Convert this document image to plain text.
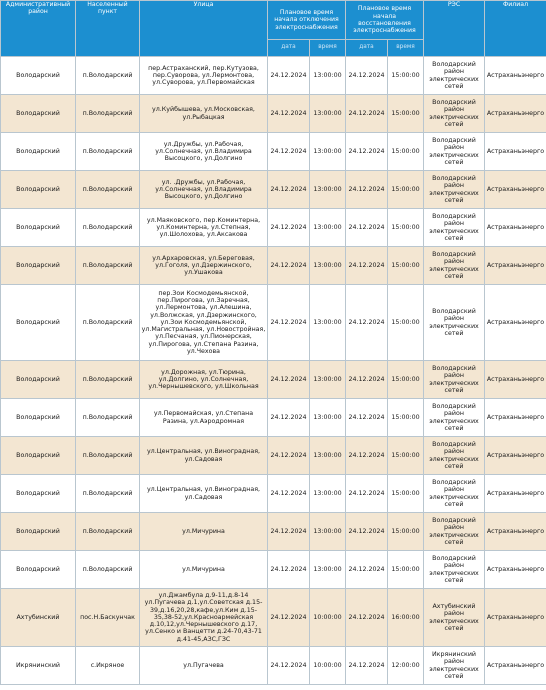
Административный район	Населенный пункт	Улица	Плановое время начала отключения электроснабжения		Плановое время начала восстановления электроснабжения		РЭС	Филиал
			дата	время	дата	время		
Володарский	п.Володарский	пер.Астраханский, пер.Кутузова, пер.Суворова, ул.Лермонтова, ул.Суворова, ул.Первомайская	24.12.2024	13:00:00	24.12.2024	15:00:00	Володарский район электрических сетей	Астраханьэнерго
Володарский	п.Володарский	ул.Куйбышева, ул.Московская, ул.Рыбацкая	24.12.2024	13:00:00	24.12.2024	15:00:00	Володарский район электрических сетей	Астраханьэнерго
Володарский	п.Володарский	ул.Дружбы, ул.Рабочая, ул.Солнечная, ул.Владимира Высоцкого, ул.Долгино	24.12.2024	13:00:00	24.12.2024	15:00:00	Володарский район электрических сетей	Астраханьэнерго
Володарский	п.Володарский	ул. .Дружбы, ул.Рабочая, ул.Солнечная, ул.Владимира Высоцкого, ул.Долгино	24.12.2024	13:00:00	24.12.2024	15:00:00	Володарский район электрических сетей	Астраханьэнерго
Володарский	п.Володарский	ул.Маяковского, пер.Коминтерна, ул.Коминтерна, ул.Степная, ул.Шолохова, ул.Аксакова	24.12.2024	13:00:00	24.12.2024	15:00:00	Володарский район электрических сетей	Астраханьэнерго
Володарский	п.Володарский	ул.Архаровская, ул.Береговая, ул.Гоголя, ул.Дзержинского, ул.Ушакова	24.12.2024	13:00:00	24.12.2024	15:00:00	Володарский район электрических сетей	Астраханьэнерго
Володарский	п.Володарский	пер.Зои Космодемьянской, пер.Пирогова, ул.Заречная, ул.Лермонтова, ул.Алешина, ул.Волжская, ул.Дзержинского, ул.Зои Космодемьянской, ул.Магистральная, ул.Новостройная, ул.Песчаная, ул.Пионерская, ул.Пирогова, ул.Степана Разина, ул.Чехова	24.12.2024	13:00:00	24.12.2024	15:00:00	Володарский район электрических сетей	Астраханьэнерго
Володарский	п.Володарский	ул.Дорожная, ул.Тюрина, ул.Долгино, ул.Солнечная, ул.Чернышевского, ул.Школьная	24.12.2024	13:00:00	24.12.2024	15:00:00	Володарский район электрических сетей	Астраханьэнерго
Володарский	п.Володарский	ул.Первомайская, ул.Степана Разина, ул.Аэродромная	24.12.2024	13:00:00	24.12.2024	15:00:00	Володарский район электрических сетей	Астраханьэнерго
Володарский	п.Володарский	ул.Центральная, ул.Виноградная, ул.Садовая	24.12.2024	13:00:00	24.12.2024	15:00:00	Володарский район электрических сетей	Астраханьэнерго
Володарский	п.Володарский	ул.Центральная, ул.Виноградная, ул.Садовая	24.12.2024	13:00:00	24.12.2024	15:00:00	Володарский район электрических сетей	Астраханьэнерго
Володарский	п.Володарский	ул.Мичурина	24.12.2024	13:00:00	24.12.2024	15:00:00	Володарский район электрических сетей	Астраханьэнерго
Володарский	п.Володарский	ул.Мичурина	24.12.2024	13:00:00	24.12.2024	15:00:00	Володарский район электрических сетей	Астраханьэнерго
Ахтубинский	пос.Н.Баскунчак	ул.Джамбула д.9-11,д.8-14 ул.Пугачева д.1,ул.Советская д.15-39,д.16,20,28,кафе,ул.Ким д.15-35,38-52,ул.Красноармейская д.10,12,ул.Чернышевского д.17, ул.Сенко и Ванцетти д.24-70,43-71 д.41-45,АЗС,ГЗС	24.12.2024	10:00:00	24.12.2024	16:00:00	Ахтубинский район электрических сетей	Астраханьэнерго
Икрянинский	с.Икряное	ул.Пугачева	24.12.2024	10:00:00	24.12.2024	12:00:00	Икрянинский район электрических сетей	Астраханьэнерго
